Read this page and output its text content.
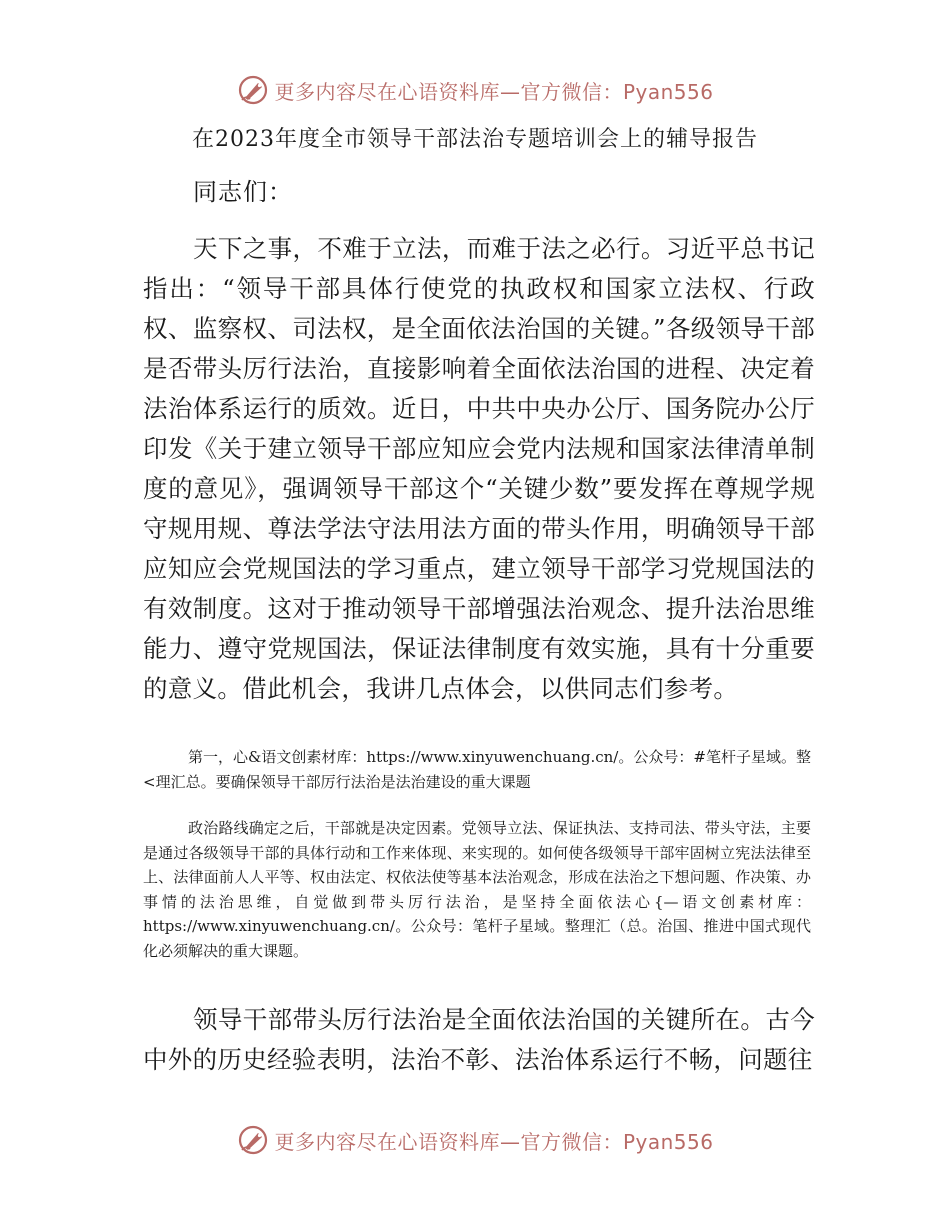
更多内容尽在心语资料库—官方微信：Pyan556
在2023年度全市领导干部法治专题培训会上的辅导报告
同志们：

天下之事，不难于立法，而难于法之必行。习近平总书记指出：“领导干部具体行使党的执政权和国家立法权、行政权、监察权、司法权，是全面依法治国的关键。”各级领导干部是否带头厉行法治，直接影响着全面依法治国的进程、决定着法治体系运行的质效。近日，中共中央办公厅、国务院办公厅印发《关于建立领导干部应知应会党内法规和国家法律清单制度的意见》，强调领导干部这个“关键少数”要发挥在尊规学规守规用规、尊法学法守法用法方面的带头作用，明确领导干部应知应会党规国法的学习重点，建立领导干部学习党规国法的有效制度。这对于推动领导干部增强法治观念、提升法治思维能力、遵守党规国法，保证法律制度有效实施，具有十分重要的意义。借此机会，我讲几点体会，以供同志们参考。

第一，心&语文创素材库：https://www.xinyuwenchuang.cn/。公众号：#笔杆子星域。整<理汇总。要确保领导干部厉行法治是法治建设的重大课题

政治路线确定之后，干部就是决定因素。党领导立法、保证执法、支持司法、带头守法，主要是通过各级领导干部的具体行动和工作来体现、来实现的。如何使各级领导干部牢固树立宪法法律至上、法律面前人人平等、权由法定、权依法使等基本法治观念，形成在法治之下想问题、作决策、办事情的法治思维，自觉做到带头厉行法治，是坚持全面依法心{—语文创素材库：https://www.xinyuwenchuang.cn/。公众号：笔杆子星域。整理汇（总。治国、推进中国式现代化必须解决的重大课题。

领导干部带头厉行法治是全面依法治国的关键所在。古今中外的历史经验表明，法治不彰、法治体系运行不畅，问题往

更多内容尽在心语资料库—官方微信：Pyan556
